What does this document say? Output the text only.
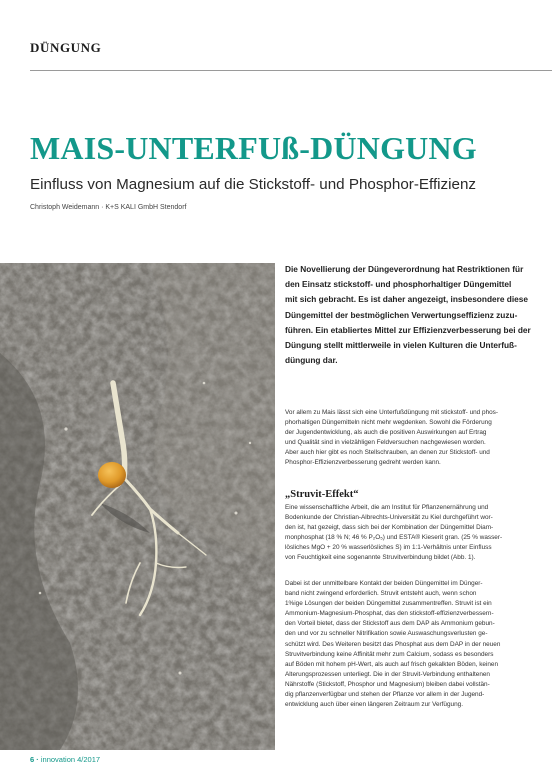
DÜNGUNG
MAIS-UNTERFUß-DÜNGUNG
Einfluss von Magnesium auf die Stickstoff- und Phosphor-Effizienz
Christoph Weidemann · K+S KALI GmbH Stendorf

Die Novellierung der Düngeverordnung hat Restriktionen für

den Einsatz stickstoff- und phosphorhaltiger Düngemittel

mit sich gebracht. Es ist daher angezeigt, insbesondere diese

Düngemittel der bestmöglichen Verwertungseffizienz zuzu-

führen. Ein etabliertes Mittel zur Effizienzverbesserung bei der

Düngung stellt mittlerweile in vielen Kulturen die Unterfuß-

düngung dar.

Vor allem zu Mais lässt sich eine Unterfußdüngung mit stickstoff- und phos-

phorhaltigen Düngemitteln nicht mehr wegdenken. Sowohl die Förderung

der Jugendentwicklung, als auch die positiven Auswirkungen auf Ertrag

und Qualität sind in vielzähligen Feldversuchen nachgewiesen worden.

Aber auch hier gibt es noch Stellschrauben, an denen zur Stickstoff- und

Phosphor-Effizienzverbesserung gedreht werden kann.

„Struvit-Effekt“

Eine wissenschaftliche Arbeit, die am Institut für Pflanzenernährung und

Bodenkunde der Christian-Albrechts-Universität zu Kiel durchgeführt wor-

den ist, hat gezeigt, dass sich bei der Kombination der Düngemittel Diam-

monphosphat (18 % N; 46 % P₂O₅) und ESTA® Kieserit gran. (25 % wasser-

lösliches MgO + 20 % wasserlösliches S) im 1:1-Verhältnis unter Einfluss

von Feuchtigkeit eine sogenannte Struvitverbindung bildet (Abb. 1).

Dabei ist der unmittelbare Kontakt der beiden Düngemittel im Dünger-

band nicht zwingend erforderlich. Struvit entsteht auch, wenn schon

1%ige Lösungen der beiden Düngemittel zusammentreffen. Struvit ist ein

Ammonium-Magnesium-Phosphat, das den stickstoff-effizienzverbessern-

den Vorteil bietet, dass der Stickstoff aus dem DAP als Ammonium gebun-

den und vor zu schneller Nitrifikation sowie Auswaschungsverlusten ge-

schützt wird. Des Weiteren besitzt das Phosphat aus dem DAP in der neuen

Struvitverbindung keine Affinität mehr zum Calcium, sodass es besonders

auf Böden mit hohem pH-Wert, als auch auf frisch gekalkten Böden, keinen

Alterungsprozessen unterliegt. Die in der Struvit-Verbindung enthaltenen

Nährstoffe (Stickstoff, Phosphor und Magnesium) bleiben dabei vollstän-

dig pflanzenverfügbar und stehen der Pflanze vor allem in der Jugend-

entwicklung auch über einen längeren Zeitraum zur Verfügung.

6 · innovation 4/2017
